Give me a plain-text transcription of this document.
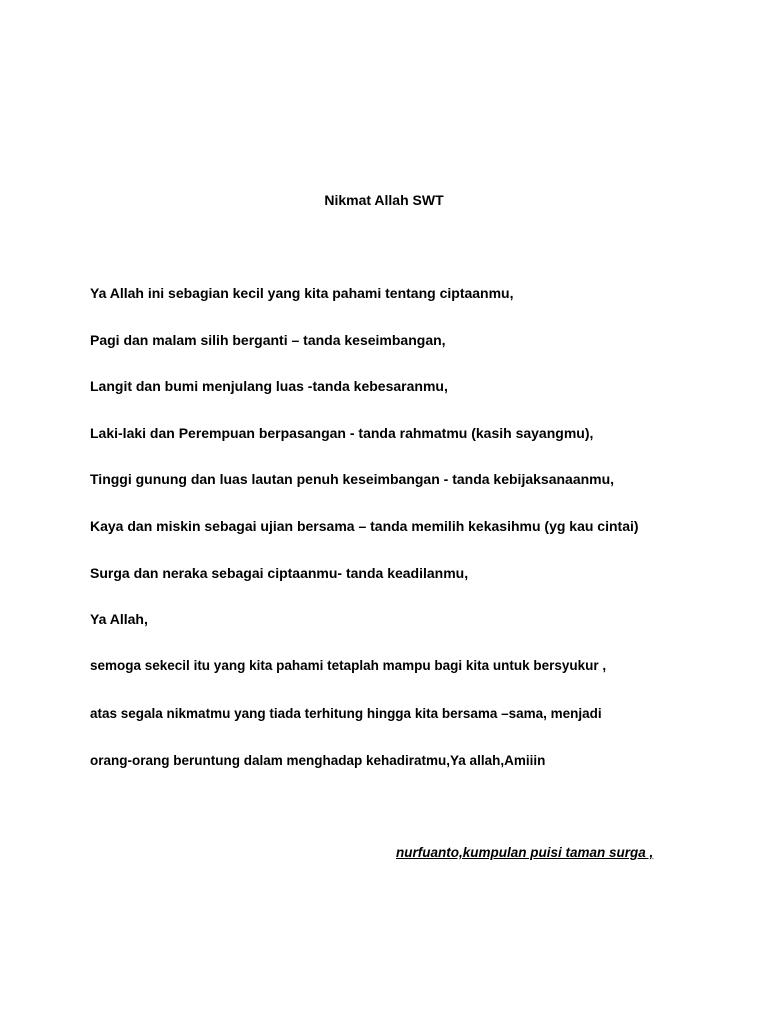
Nikmat Allah SWT
Ya Allah ini sebagian kecil yang kita pahami tentang ciptaanmu,
Pagi dan malam silih berganti – tanda keseimbangan,
Langit dan bumi menjulang luas -tanda kebesaranmu,
Laki-laki dan Perempuan berpasangan - tanda rahmatmu (kasih sayangmu),
Tinggi gunung dan luas lautan penuh keseimbangan - tanda kebijaksanaanmu,
Kaya dan miskin sebagai ujian bersama – tanda memilih kekasihmu (yg kau cintai)
Surga dan neraka sebagai ciptaanmu- tanda keadilanmu,
Ya Allah,
semoga sekecil itu yang kita pahami tetaplah mampu bagi kita untuk bersyukur ,
atas segala nikmatmu yang tiada terhitung hingga kita bersama –sama, menjadi
orang-orang beruntung dalam menghadap kehadiratmu,Ya allah,Amiiin
nurfuanto,kumpulan puisi taman surga ,
